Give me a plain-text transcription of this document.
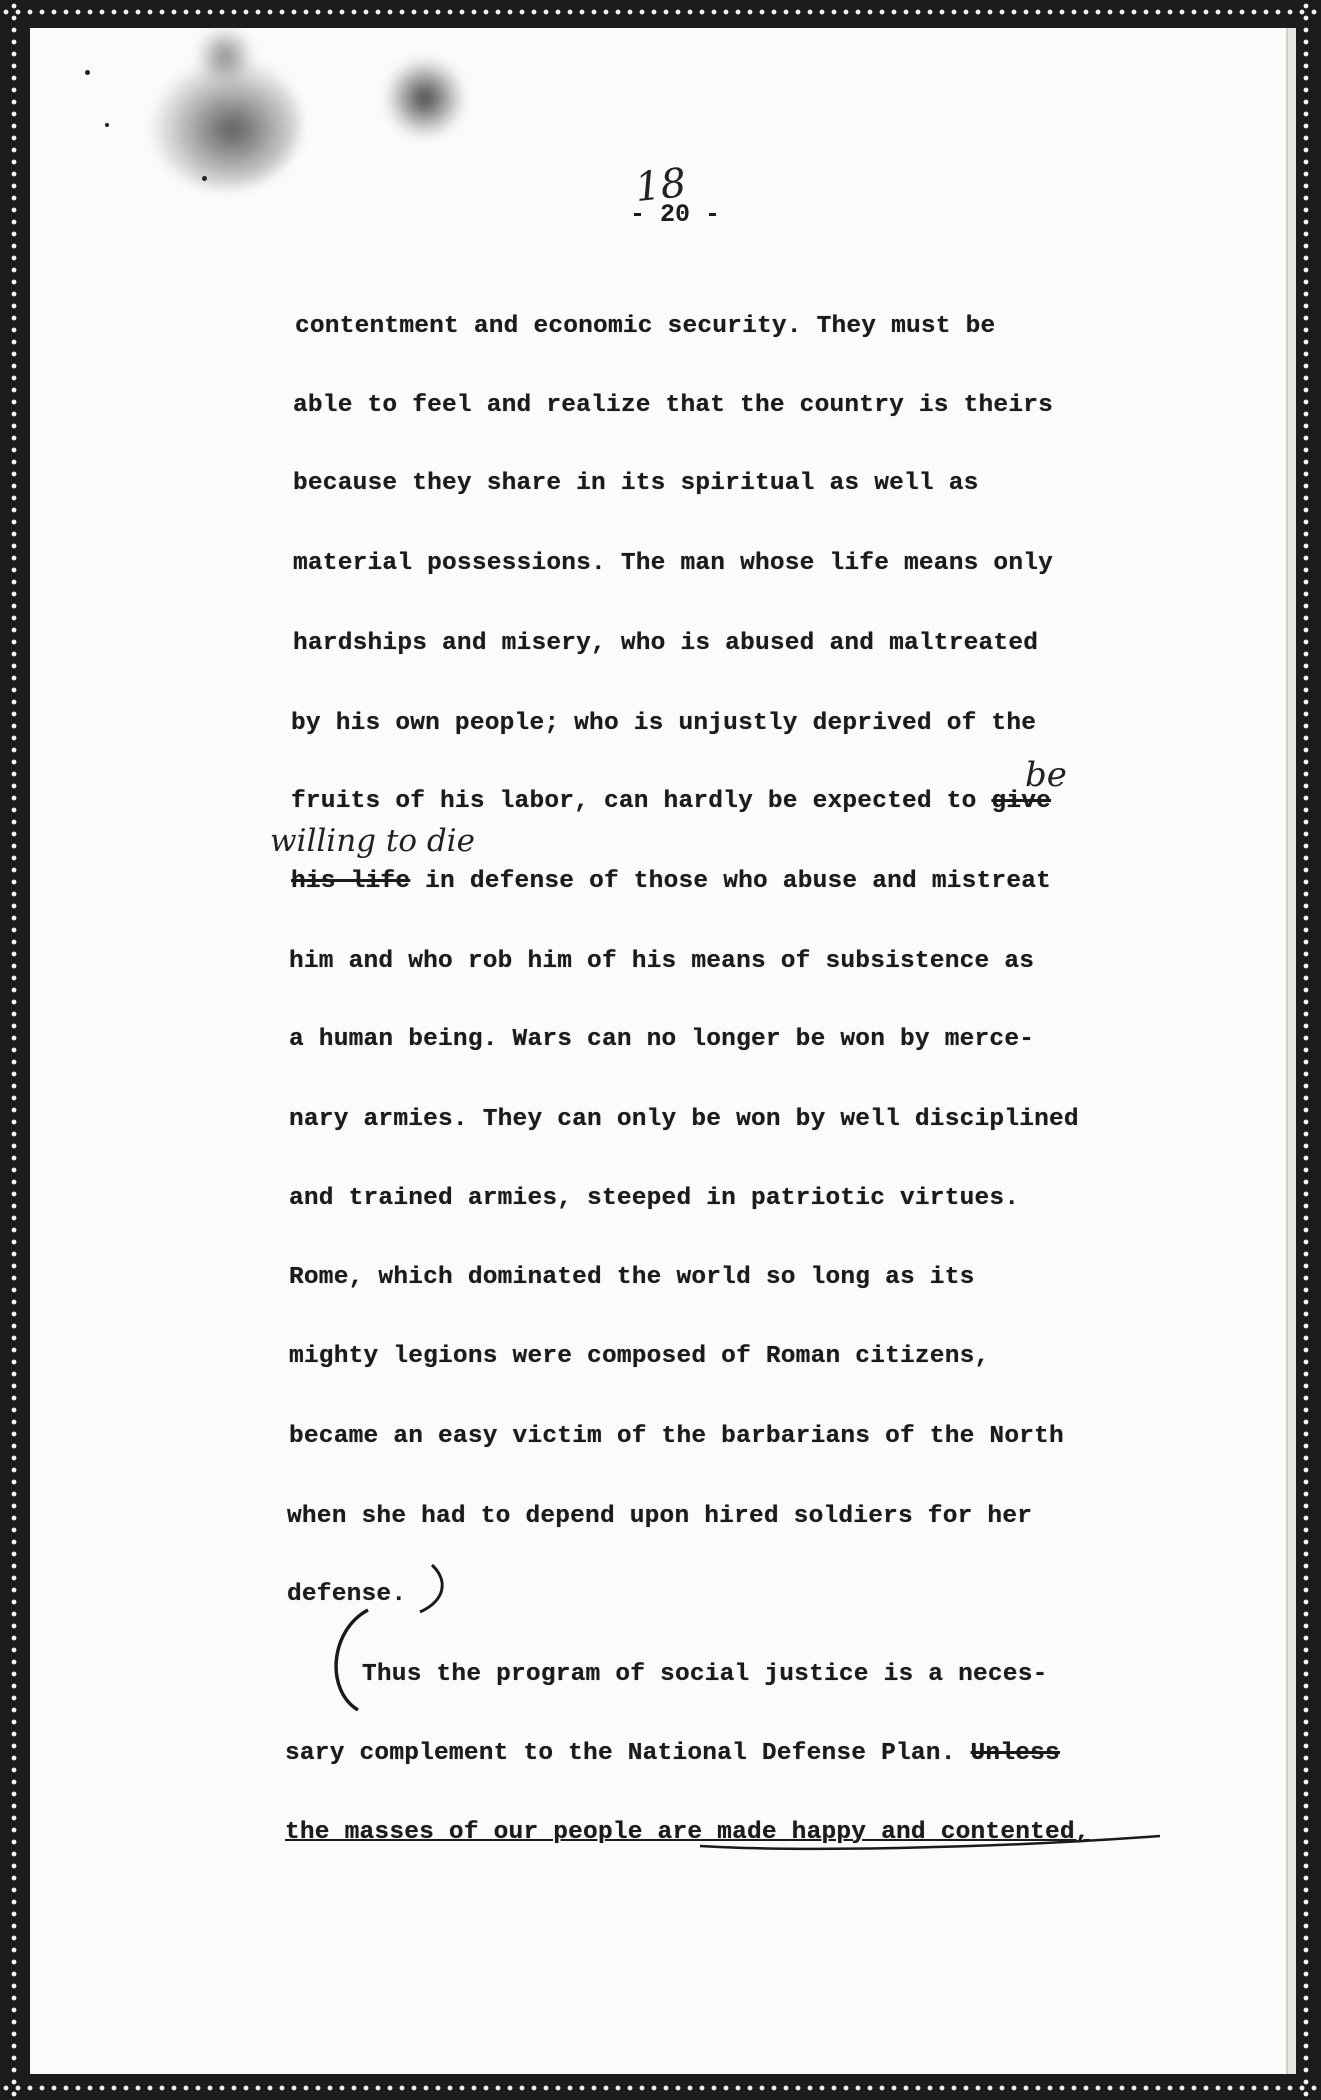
18
- 20 -
contentment and economic security. They must be
able to feel and realize that the country is theirs
because they share in its spiritual as well as
material possessions. The man whose life means only
hardships and misery, who is abused and maltreated
by his own people; who is unjustly deprived of the
fruits of his labor, can hardly be expected to give
be
willing to die
his life in defense of those who abuse and mistreat
him and who rob him of his means of subsistence as
a human being. Wars can no longer be won by merce-
nary armies. They can only be won by well disciplined
and trained armies, steeped in patriotic virtues.
Rome, which dominated the world so long as its
mighty legions were composed of Roman citizens,
became an easy victim of the barbarians of the North
when she had to depend upon hired soldiers for her
defense.
Thus the program of social justice is a neces-
sary complement to the National Defense Plan. Unless
the masses of our people are made happy and contented,
